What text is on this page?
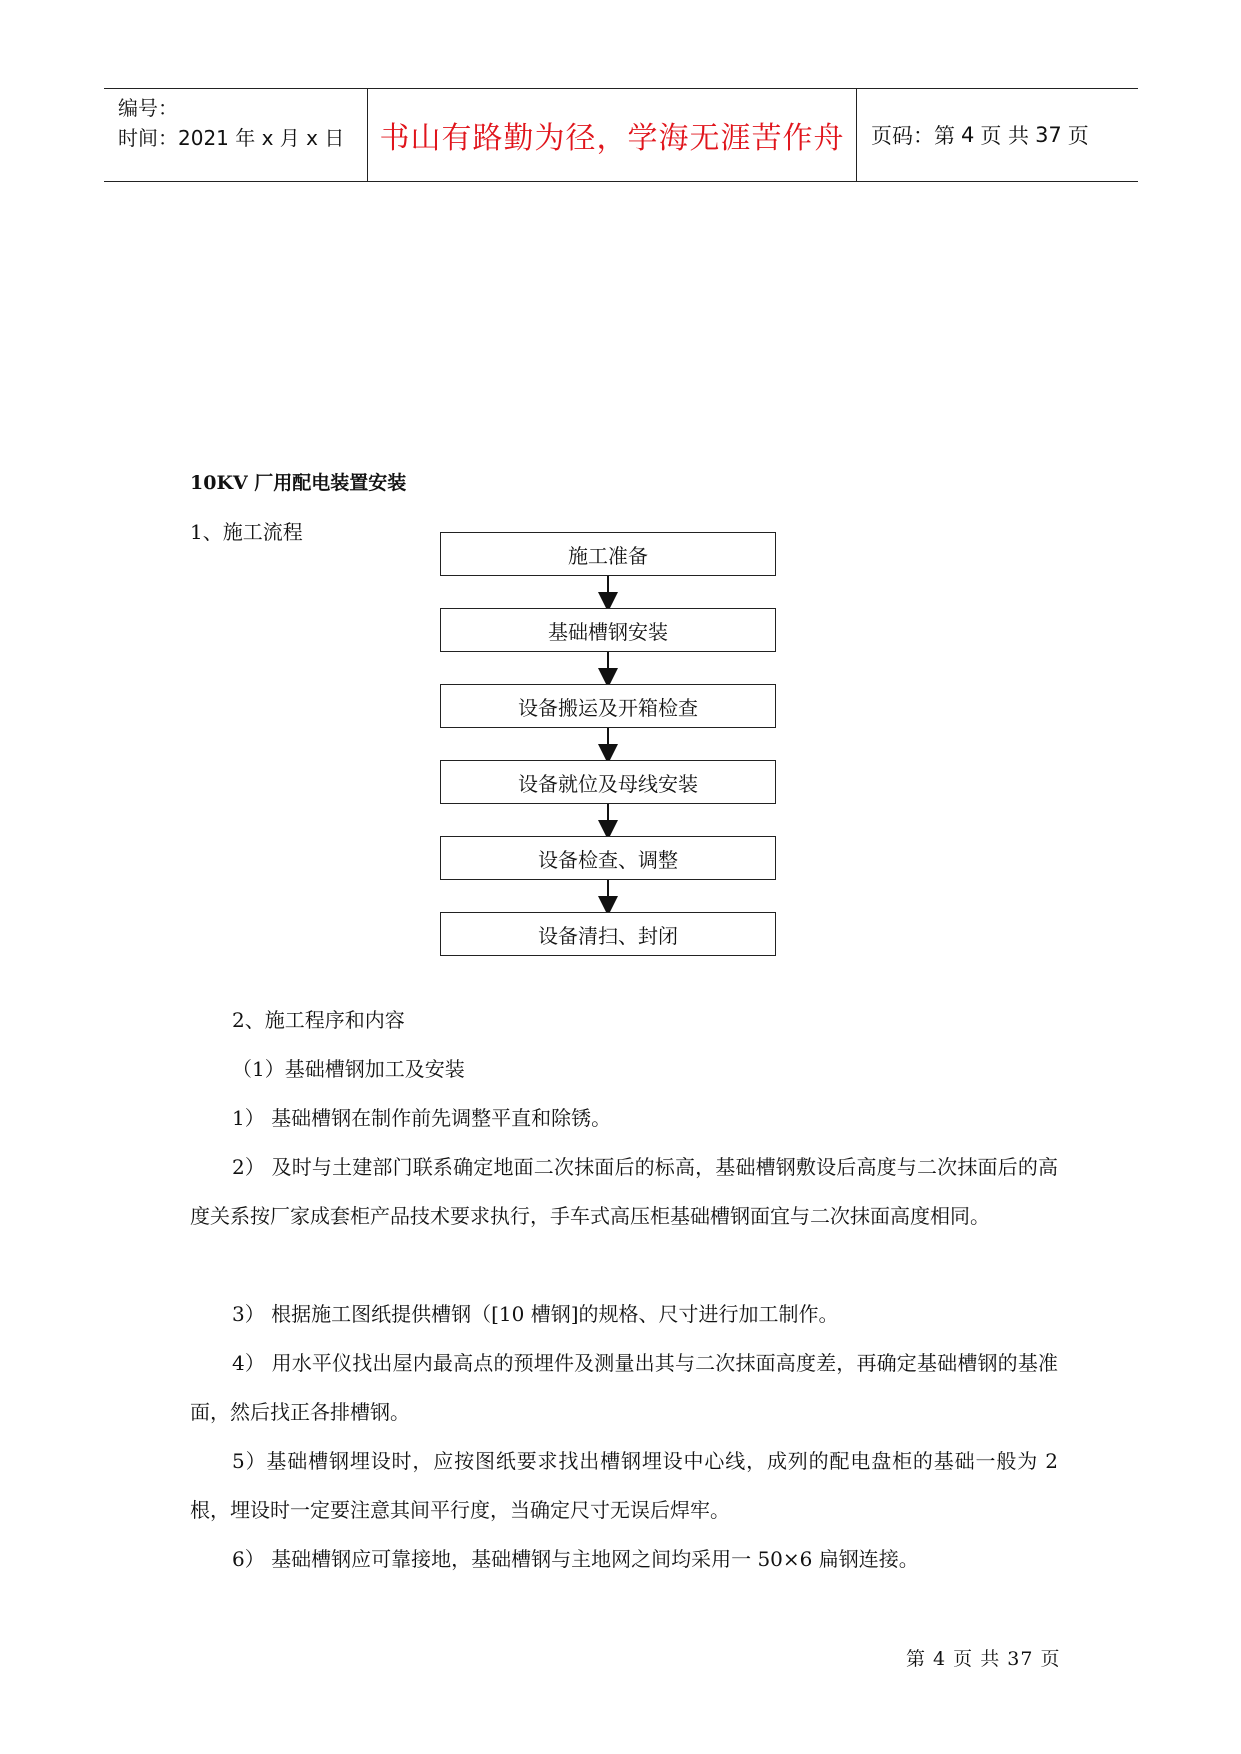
编号：
时间：2021 年 x 月 x 日	书山有路勤为径，学海无涯苦作舟	页码：第 4 页 共 37 页
10KV 厂用配电装置安装
1、施工流程
施工准备
基础槽钢安装
设备搬运及开箱检查
设备就位及母线安装
设备检查、调整
设备清扫、封闭
2、施工程序和内容
（1）基础槽钢加工及安装
1） 基础槽钢在制作前先调整平直和除锈。
2） 及时与土建部门联系确定地面二次抹面后的标高，基础槽钢敷设后高度与二次抹面后的高度关系按厂家成套柜产品技术要求执行，手车式高压柜基础槽钢面宜与二次抹面高度相同。
3） 根据施工图纸提供槽钢（[10 槽钢]的规格、尺寸进行加工制作。
4） 用水平仪找出屋内最高点的预埋件及测量出其与二次抹面高度差，再确定基础槽钢的基准面，然后找正各排槽钢。
5）基础槽钢埋设时，应按图纸要求找出槽钢埋设中心线，成列的配电盘柜的基础一般为 2 根，埋设时一定要注意其间平行度，当确定尺寸无误后焊牢。
6） 基础槽钢应可靠接地，基础槽钢与主地网之间均采用一 50×6 扁钢连接。
第 4 页 共 37 页
